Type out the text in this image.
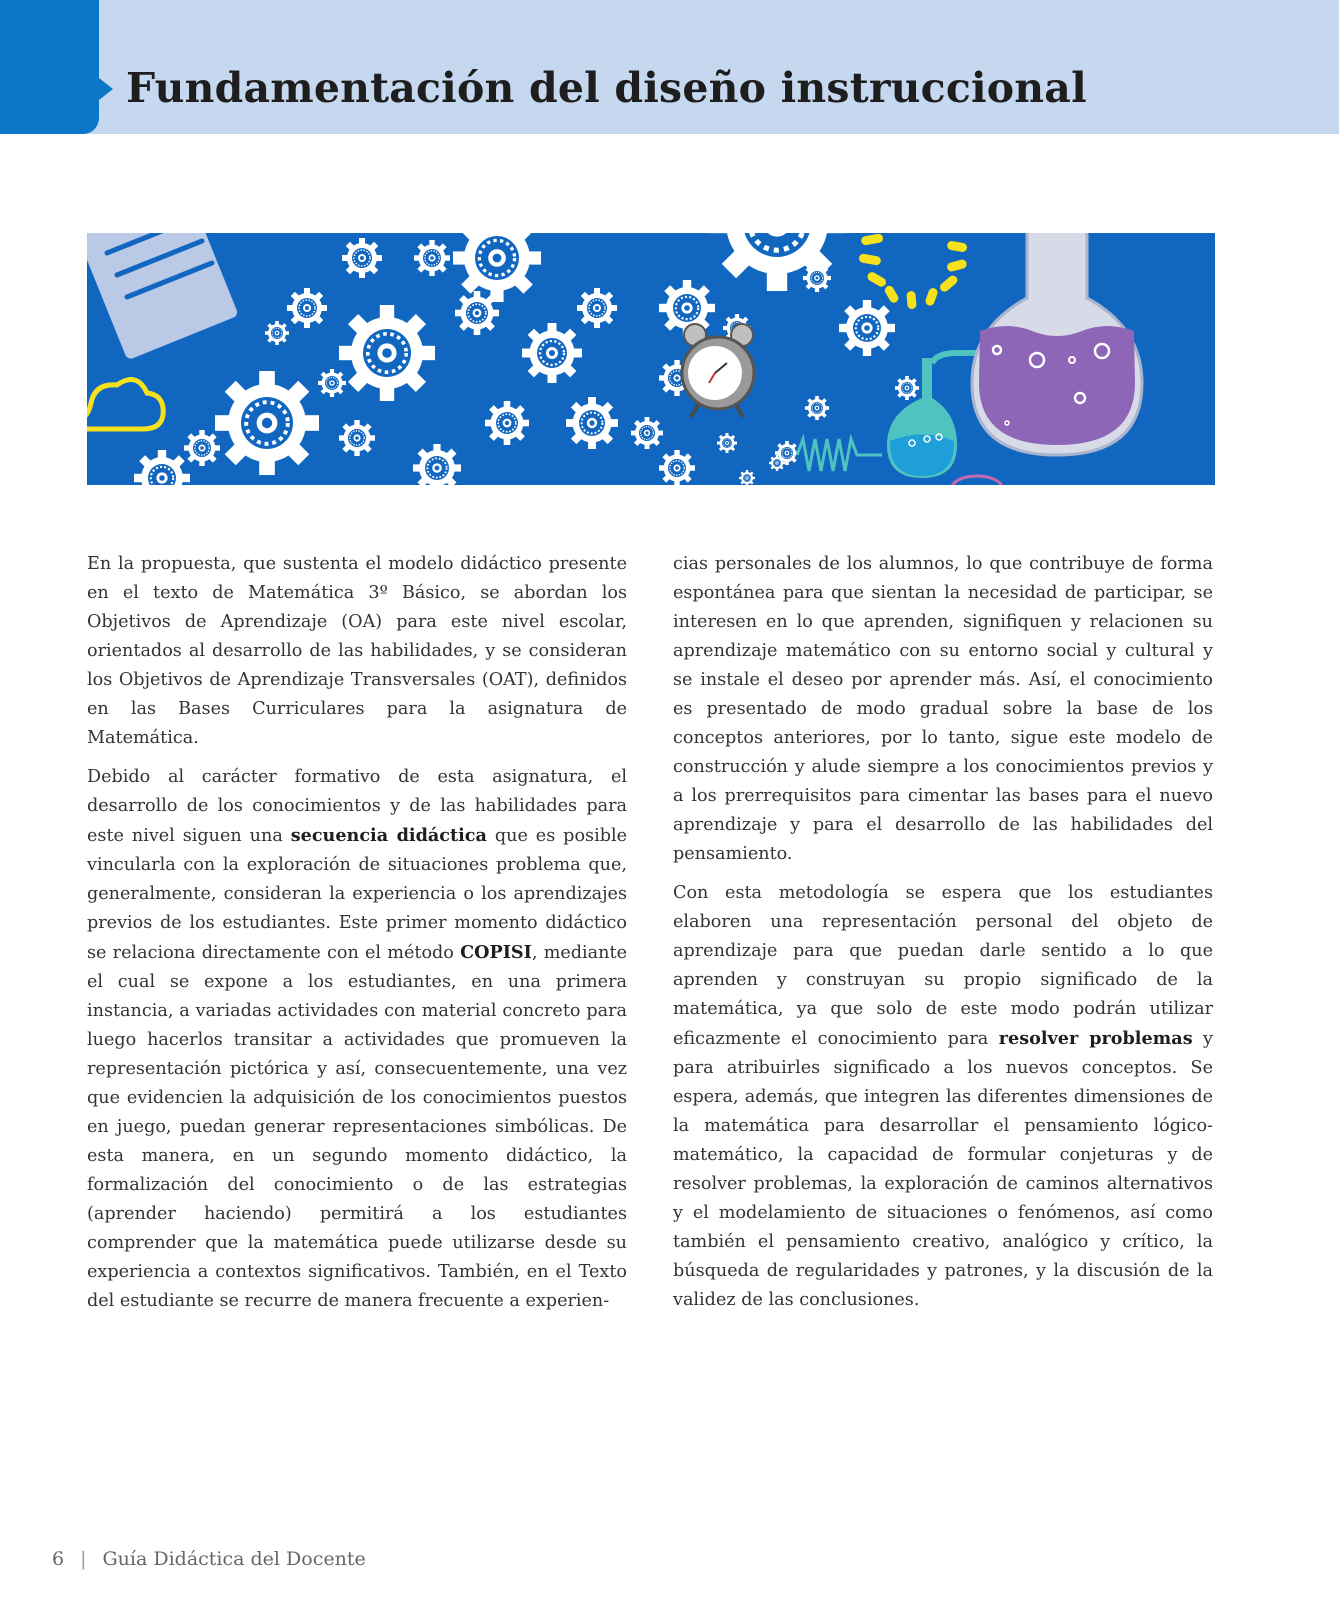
Fundamentación del diseño instruccional

En la propuesta, que sustenta el modelo didáctico presente en el texto de Matemática 3º Básico, se abordan los Objetivos de Aprendizaje (OA) para este nivel escolar, orientados al desarrollo de las habilidades, y se consideran los Objetivos de Aprendizaje Transversales (OAT), definidos en las Bases Curriculares para la asignatura de Matemática.

Debido al carácter formativo de esta asignatura, el desarrollo de los conocimientos y de las habilidades para este nivel siguen una secuencia didáctica que es posible vincularla con la exploración de situaciones problema que, generalmente, consideran la experiencia o los aprendizajes previos de los estudiantes. Este primer momento didáctico se relaciona directamente con el método COPISI, mediante el cual se expone a los estudiantes, en una primera instancia, a variadas actividades con material concreto para luego hacerlos transitar a actividades que promueven la representación pictórica y así, consecuentemente, una vez que evidencien la adquisición de los conocimientos puestos en juego, puedan generar representaciones simbólicas. De esta manera, en un segundo momento didáctico, la formalización del conocimiento o de las estrategias (aprender haciendo) permitirá a los estudiantes comprender que la matemática puede utilizarse desde su experiencia a contextos significativos. También, en el Texto del estudiante se recurre de manera frecuente a experien-

cias personales de los alumnos, lo que contribuye de forma espontánea para que sientan la necesidad de participar, se interesen en lo que aprenden, signifiquen y relacionen su aprendizaje matemático con su entorno social y cultural y se instale el deseo por aprender más. Así, el conocimiento es presentado de modo gradual sobre la base de los conceptos anteriores, por lo tanto, sigue este modelo de construcción y alude siempre a los conocimientos previos y a los prerrequisitos para cimentar las bases para el nuevo aprendizaje y para el desarrollo de las habilidades del pensamiento.

Con esta metodología se espera que los estudiantes elaboren una representación personal del objeto de aprendizaje para que puedan darle sentido a lo que aprenden y construyan su propio significado de la matemática, ya que solo de este modo podrán utilizar eficazmente el conocimiento para resolver problemas y para atribuirles significado a los nuevos conceptos. Se espera, además, que integren las diferentes dimensiones de la matemática para desarrollar el pensamiento lógico-matemático, la capacidad de formular conjeturas y de resolver problemas, la exploración de caminos alternativos y el modelamiento de situaciones o fenómenos, así como también el pensamiento creativo, analógico y crítico, la búsqueda de regularidades y patrones, y la discusión de la validez de las conclusiones.

6 | Guía Didáctica del Docente
